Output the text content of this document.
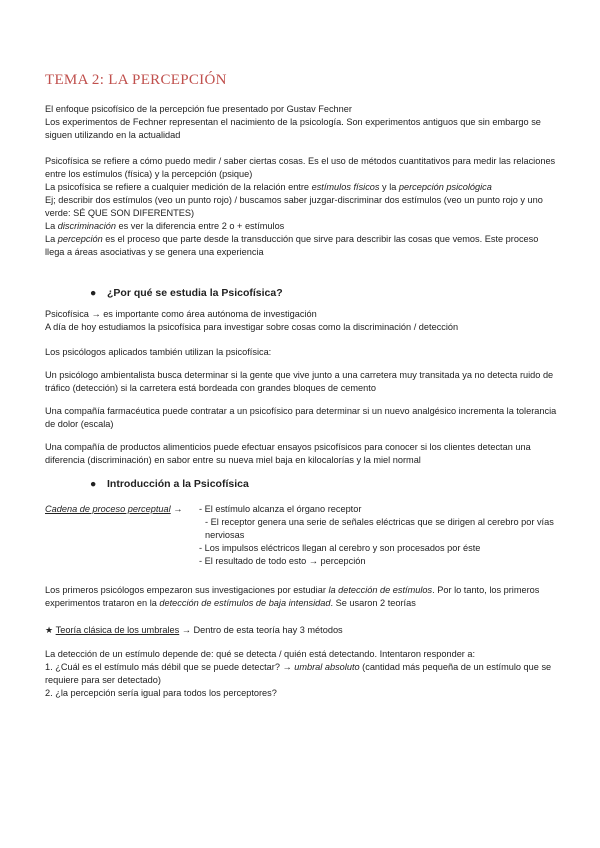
TEMA 2: LA PERCEPCIÓN

El enfoque psicofísico de la percepción fue presentado por Gustav Fechner

Los experimentos de Fechner representan el nacimiento de la psicología. Son experimentos antiguos que sin embargo se siguen utilizando en la actualidad

Psicofísica se refiere a cómo puedo medir / saber ciertas cosas. Es el uso de métodos cuantitativos para medir las relaciones entre los estímulos (física) y la percepción (psique)

La psicofísica se refiere a cualquier medición de la relación entre estímulos físicos y la percepción psicológica

Ej; describir dos estímulos (veo un punto rojo) / buscamos saber juzgar-discriminar dos estímulos (veo un punto rojo y uno verde: SÉ QUE SON DIFERENTES)

La discriminación es ver la diferencia entre 2 o + estímulos

La percepción es el proceso que parte desde la transducción que sirve para describir las cosas que vemos. Este proceso llega a áreas asociativas y se genera una experiencia

● ¿Por qué se estudia la Psicofísica?

Psicofísica → es importante como área autónoma de investigación

A día de hoy estudiamos la psicofísica para investigar sobre cosas como la discriminación / detección

Los psicólogos aplicados también utilizan la psicofísica:

Un psicólogo ambientalista busca determinar si la gente que vive junto a una carretera muy transitada ya no detecta ruido de tráfico (detección) si la carretera está bordeada con grandes bloques de cemento

Una compañía farmacéutica puede contratar a un psicofísico para determinar si un nuevo analgésico incrementa la tolerancia de dolor (escala)

Una compañía de productos alimenticios puede efectuar ensayos psicofísicos para conocer si los clientes detectan una diferencia (discriminación) en sabor entre su nueva miel baja en kilocalorías y la miel normal

● Introducción a la Psicofísica
Cadena de proceso perceptual → - El estímulo alcanza el órgano receptor

- El receptor genera una serie de señales eléctricas que se dirigen al cerebro por vías nerviosas

- Los impulsos eléctricos llegan al cerebro y son procesados por éste

- El resultado de todo esto → percepción

Los primeros psicólogos empezaron sus investigaciones por estudiar la detección de estímulos. Por lo tanto, los primeros experimentos trataron en la detección de estímulos de baja intensidad. Se usaron 2 teorías

★ Teoría clásica de los umbrales → Dentro de esta teoría hay 3 métodos

La detección de un estímulo depende de: qué se detecta / quién está detectando. Intentaron responder a:

1. ¿Cuál es el estímulo más débil que se puede detectar? → umbral absoluto (cantidad más pequeña de un estímulo que se requiere para ser detectado)

2. ¿la percepción sería igual para todos los perceptores?
